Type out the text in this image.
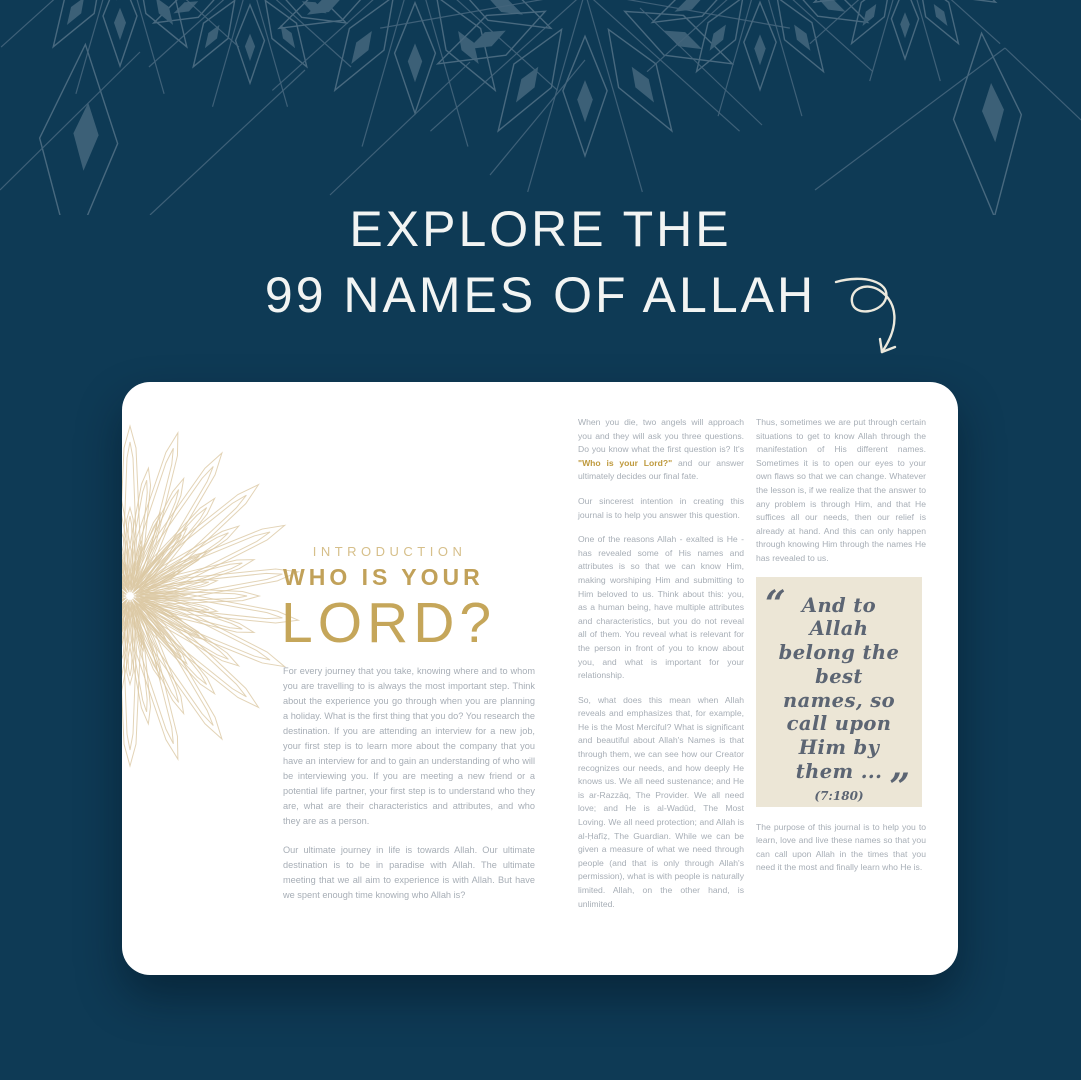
EXPLORE THE
99 NAMES OF ALLAH
INTRODUCTION
WHO IS YOUR
LORD?

For every journey that you take, knowing where and to whom you are travelling to is always the most important step. Think about the experience you go through when you are planning a holiday. What is the first thing that you do? You research the destination. If you are attending an interview for a new job, your first step is to learn more about the company that you have an interview for and to gain an understanding of who will be interviewing you. If you are meeting a new friend or a potential life partner, your first step is to understand who they are, what are their characteristics and attributes, and who they are as a person.

Our ultimate journey in life is towards Allah. Our ultimate destination is to be in paradise with Allah. The ultimate meeting that we all aim to experience is with Allah. But have we spent enough time knowing who Allah is?

When you die, two angels will approach you and they will ask you three questions. Do you know what the first question is? It's "Who is your Lord?" and our answer ultimately decides our final fate.

Our sincerest intention in creating this journal is to help you answer this question.

One of the reasons Allah - exalted is He - has revealed some of His names and attributes is so that we can know Him, making worshiping Him and submitting to Him beloved to us. Think about this: you, as a human being, have multiple attributes and characteristics, but you do not reveal all of them. You reveal what is relevant for the person in front of you to know about you, and what is important for your relationship.

So, what does this mean when Allah reveals and emphasizes that, for example, He is the Most Merciful? What is significant and beautiful about Allah's Names is that through them, we can see how our Creator recognizes our needs, and how deeply He knows us. We all need sustenance; and He is ar-Razzāq, The Provider. We all need love; and He is al-Wadūd, The Most Loving. We all need protection; and Allah is al-Ḥafīẓ, The Guardian. While we can be given a measure of what we need through people (and that is only through Allah's permission), what is with people is naturally limited. Allah, on the other hand, is unlimited.

Thus, sometimes we are put through certain situations to get to know Allah through the manifestation of His different names. Sometimes it is to open our eyes to your own flaws so that we can change. Whatever the lesson is, if we realize that the answer to any problem is through Him, and that He suffices all our needs, then our relief is already at hand. And this can only happen through knowing Him through the names He has revealed to us.

“ And to Allah belong the best names, so call upon Him by them ...
(7:180) ”

The purpose of this journal is to help you to learn, love and live these names so that you can call upon Allah in the times that you need it the most and finally learn who He is.
